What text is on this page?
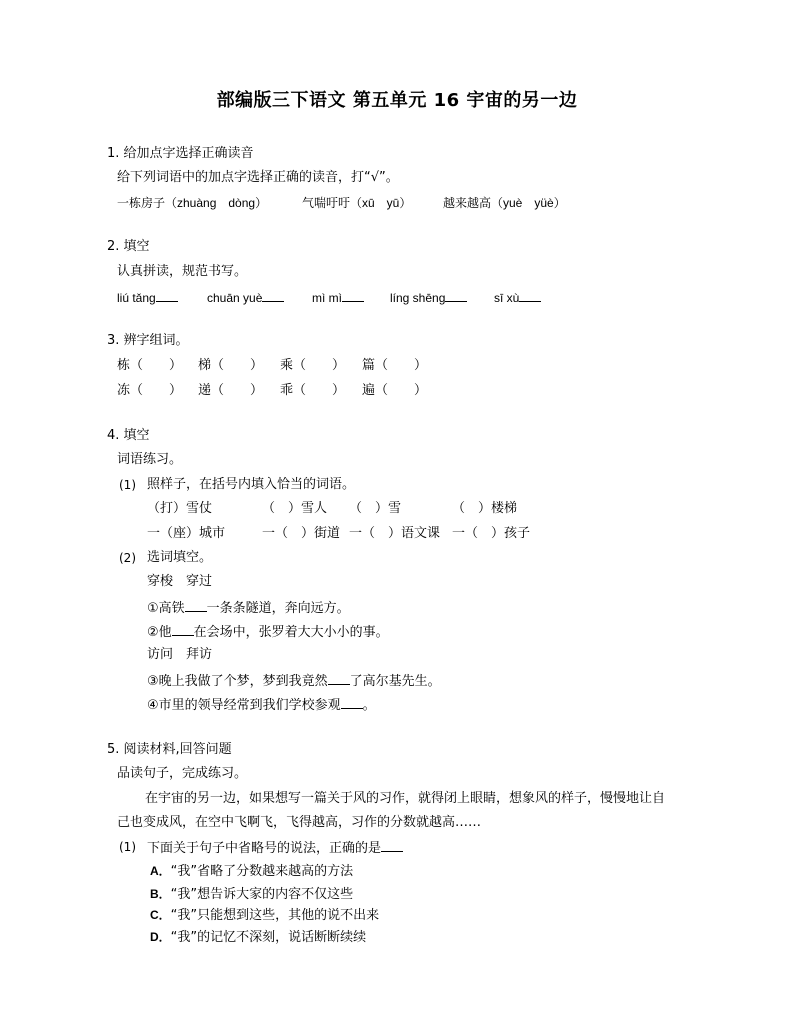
部编版三下语文 第五单元 16 宇宙的另一边
1. 给加点字选择正确读音
给下列词语中的加点字选择正确的读音，打“√”。
一栋房子（zhuàng　dòng）	气喘吁吁（xū　yū）	越来越高（yuè　yüè）
2. 填空
认真拼读，规范书写。
liú tǎng	chuān yuè	mì mì	líng shēng	sī xù
3. 辨字组词。
栋（　　） 梯（　　） 乘（　　） 篇（　　）
冻（　　） 递（　　） 乖（　　） 遍（　　）
4. 填空
词语练习。
(1) 照样子，在括号内填入恰当的词语。
（打）雪仗	（　）雪人 （　）雪	（　）楼梯
一（座）城市	一（　）街道 一（　）语文课 一（　）孩子
(2) 选词填空。
穿梭　穿过
①高铁 一条条隧道，奔向远方。
②他 在会场中，张罗着大大小小的事。
访问　拜访
③晚上我做了个梦，梦到我竟然 了高尔基先生。
④市里的领导经常到我们学校参观 。
5. 阅读材料,回答问题
品读句子，完成练习。
在宇宙的另一边，如果想写一篇关于风的习作，就得闭上眼睛，想象风的样子，慢慢地让自
己也变成风，在空中飞啊飞，飞得越高，习作的分数就越高……
(1) 下面关于句子中省略号的说法，正确的是
A．“我”省略了分数越来越高的方法
B．“我”想告诉大家的内容不仅这些
C．“我”只能想到这些，其他的说不出来
D．“我”的记忆不深刻，说话断断续续
